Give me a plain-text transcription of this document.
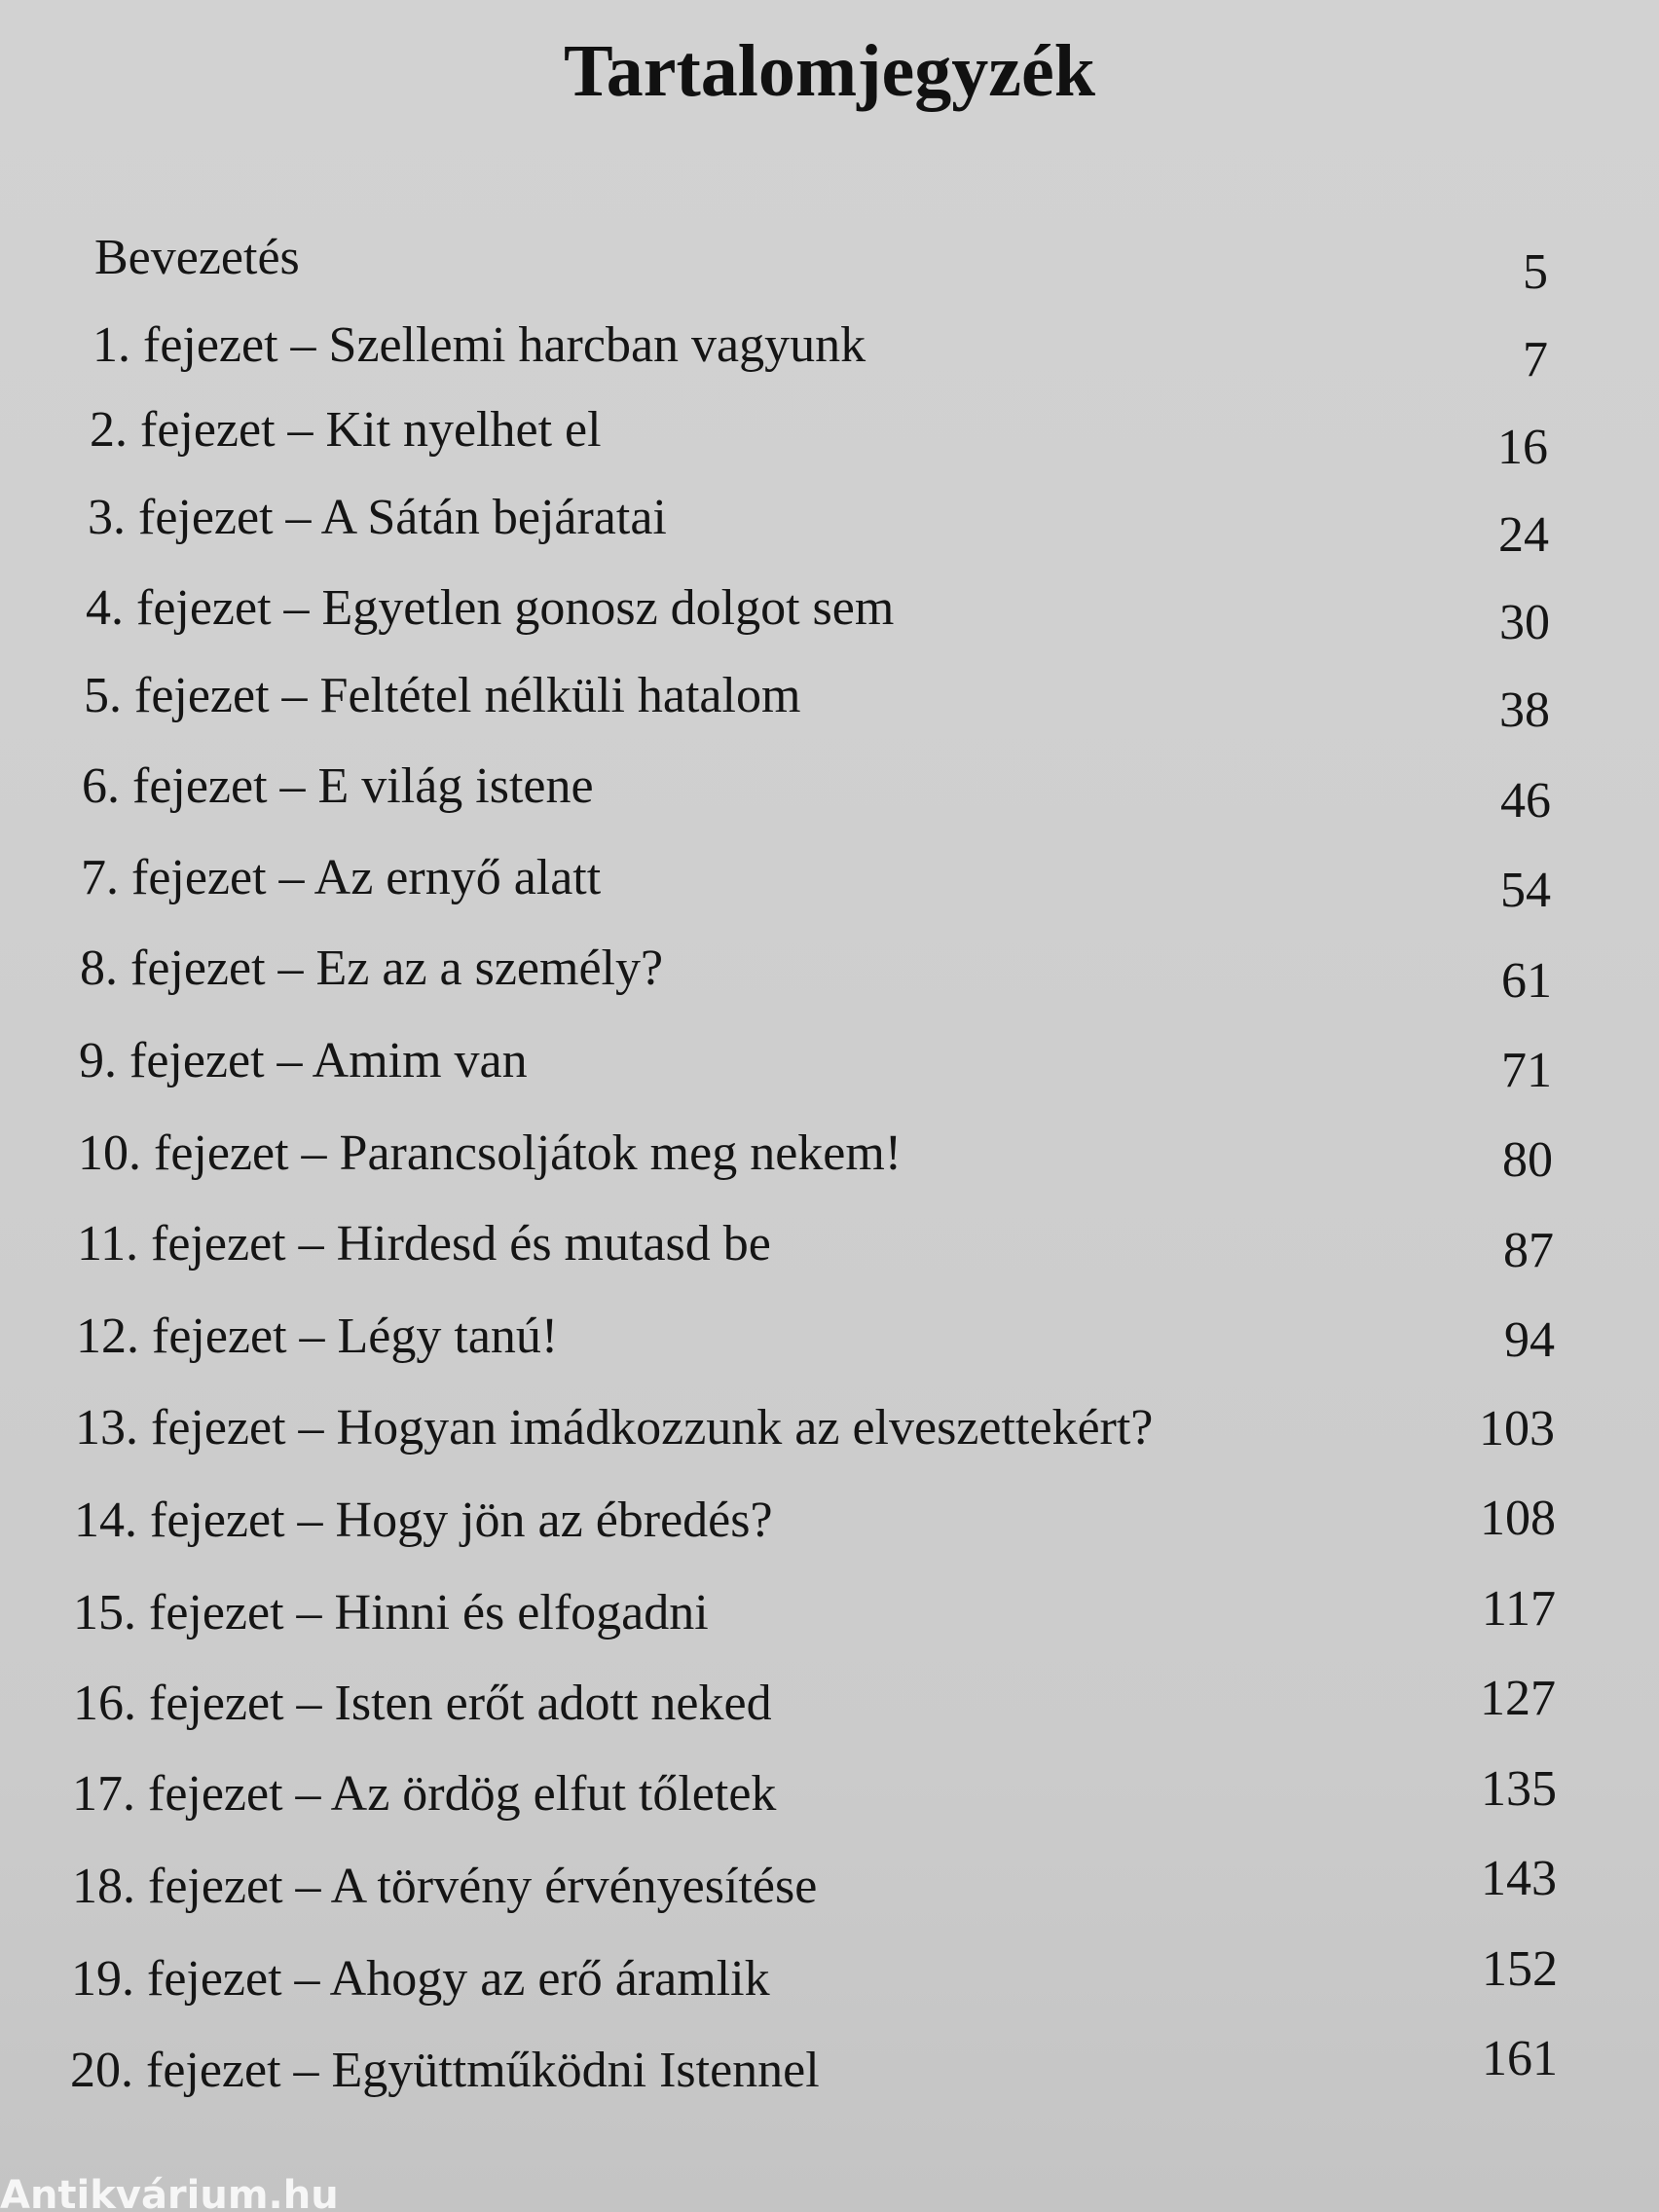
Tartalomjegyzék
Bevezetés	5
1. fejezet – Szellemi harcban vagyunk	7
2. fejezet – Kit nyelhet el	16
3. fejezet – A Sátán bejáratai	24
4. fejezet – Egyetlen gonosz dolgot sem	30
5. fejezet – Feltétel nélküli hatalom	38
6. fejezet – E világ istene	46
7. fejezet – Az ernyő alatt	54
8. fejezet – Ez az a személy?	61
9. fejezet – Amim van	71
10. fejezet – Parancsoljátok meg nekem!	80
11. fejezet – Hirdesd és mutasd be	87
12. fejezet – Légy tanú!	94
13. fejezet – Hogyan imádkozzunk az elveszettekért?	103
14. fejezet – Hogy jön az ébredés?	108
15. fejezet – Hinni és elfogadni	117
16. fejezet – Isten erőt adott neked	127
17. fejezet – Az ördög elfut tőletek	135
18. fejezet – A törvény érvényesítése	143
19. fejezet – Ahogy az erő áramlik	152
20. fejezet – Együttműködni Istennel	161
Antikvárium.hu
